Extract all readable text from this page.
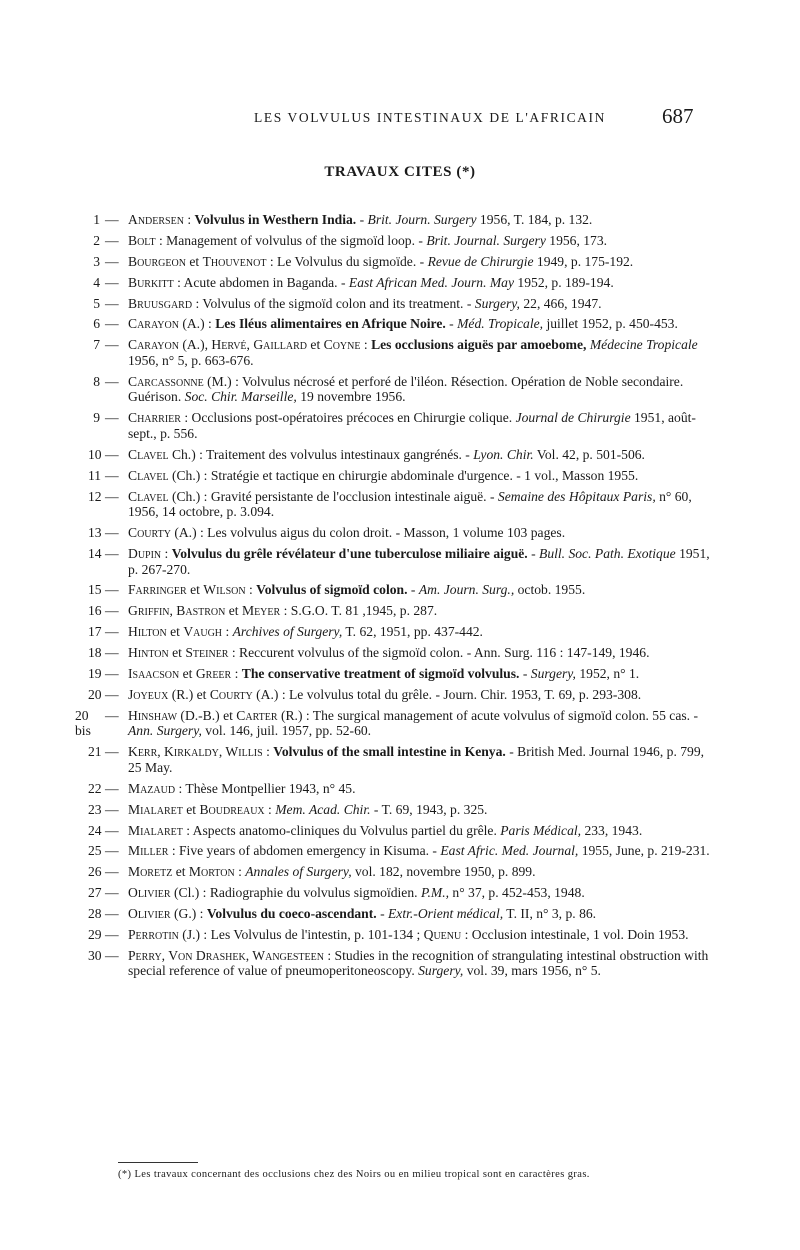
LES VOLVULUS INTESTINAUX DE L'AFRICAIN	687
TRAVAUX CITES (*)
1 — Andersen : Volvulus in Westhern India. - Brit. Journ. Surgery 1956, T. 184, p. 132.
2 — Bolt : Management of volvulus of the sigmoïd loop. - Brit. Journal. Surgery 1956, 173.
3 — Bourgeon et Thouvenot : Le Volvulus du sigmoïde. - Revue de Chirurgie 1949, p. 175-192.
4 — Burkitt : Acute abdomen in Baganda. - East African Med. Journ. May 1952, p. 189-194.
5 — Bruusgard : Volvulus of the sigmoïd colon and its treatment. - Surgery, 22, 466, 1947.
6 — Carayon (A.) : Les Iléus alimentaires en Afrique Noire. - Méd. Tropicale, juillet 1952, p. 450-453.
7 — Carayon (A.), Hervé, Gaillard et Coyne : Les occlusions aiguës par amoebome, Médecine Tropicale 1956, n° 5, p. 663-676.
8 — Carcassonne (M.) : Volvulus nécrosé et perforé de l'iléon. Résection. Opération de Noble secondaire. Guérison. Soc. Chir. Marseille, 19 novembre 1956.
9 — Charrier : Occlusions post-opératoires précoces en Chirurgie colique. Journal de Chirurgie 1951, août-sept., p. 556.
10 — Clavel Ch.) : Traitement des volvulus intestinaux gangrénés. - Lyon. Chir. Vol. 42, p. 501-506.
11 — Clavel (Ch.) : Stratégie et tactique en chirurgie abdominale d'urgence. - 1 vol., Masson 1955.
12 — Clavel (Ch.) : Gravité persistante de l'occlusion intestinale aiguë. - Semaine des Hôpitaux Paris, n° 60, 1956, 14 octobre, p. 3.094.
13 — Courty (A.) : Les volvulus aigus du colon droit. - Masson, 1 volume 103 pages.
14 — Dupin : Volvulus du grêle révélateur d'une tuberculose miliaire aiguë. - Bull. Soc. Path. Exotique 1951, p. 267-270.
15 — Farringer et Wilson : Volvulus of sigmoïd colon. - Am. Journ. Surg., octob. 1955.
16 — Griffin, Bastron et Meyer : S.G.O. T. 81 ,1945, p. 287.
17 — Hilton et Vaugh : Archives of Surgery, T. 62, 1951, pp. 437-442.
18 — Hinton et Steiner : Reccurent volvulus of the sigmoïd colon. - Ann. Surg. 116 : 147-149, 1946.
19 — Isaacson et Greer : The conservative treatment of sigmoïd volvulus. - Surgery, 1952, n° 1.
20 — Joyeux (R.) et Courty (A.) : Le volvulus total du grêle. - Journ. Chir. 1953, T. 69, p. 293-308.
20 bis
— Hinshaw (D.-B.) et Carter (R.) : The surgical management of acute volvulus of sigmoïd colon. 55 cas. - Ann. Surgery, vol. 146, juil. 1957, pp. 52-60.
21 — Kerr, Kirkaldy, Willis : Volvulus of the small intestine in Kenya. - British Med. Journal 1946, p. 799, 25 May.
22 — Mazaud : Thèse Montpellier 1943, n° 45.
23 — Mialaret et Boudreaux : Mem. Acad. Chir. - T. 69, 1943, p. 325.
24 — Mialaret : Aspects anatomo-cliniques du Volvulus partiel du grêle. Paris Médical, 233, 1943.
25 — Miller : Five years of abdomen emergency in Kisuma. - East Afric. Med. Journal, 1955, June, p. 219-231.
26 — Moretz et Morton : Annales of Surgery, vol. 182, novembre 1950, p. 899.
27 — Olivier (Cl.) : Radiographie du volvulus sigmoïdien. P.M., n° 37, p. 452-453, 1948.
28 — Olivier (G.) : Volvulus du coeco-ascendant. - Extr.-Orient médical, T. II, n° 3, p. 86.
29 — Perrotin (J.) : Les Volvulus de l'intestin, p. 101-134 ; Quenu : Occlusion intestinale, 1 vol. Doin 1953.
30 — Perry, Von Drashek, Wangesteen : Studies in the recognition of strangulating intestinal obstruction with special reference of value of pneumoperitoneoscopy. Surgery, vol. 39, mars 1956, n° 5.
(*) Les travaux concernant des occlusions chez des Noirs ou en milieu tropical sont en caractères gras.
